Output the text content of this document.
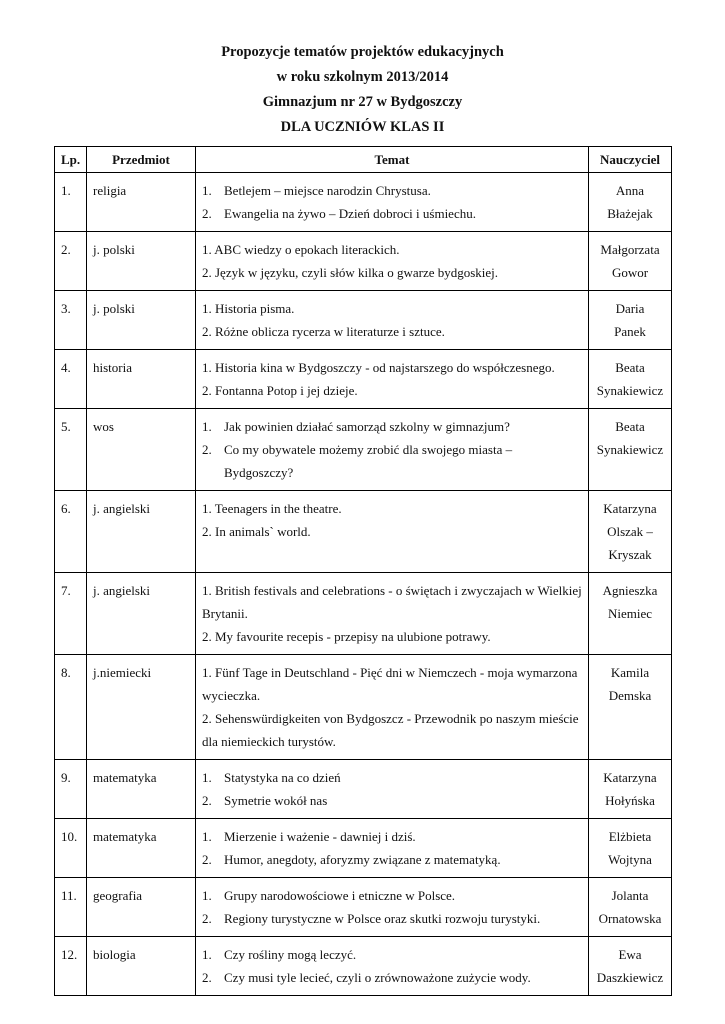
Propozycje tematów projektów edukacyjnych
w roku szkolnym 2013/2014
Gimnazjum nr 27 w Bydgoszczy
DLA UCZNIÓW KLAS II
Lp.	Przedmiot	Temat	Nauczyciel
1.	religia	1. Betlejem – miejsce narodzin Chrystusa.
2. Ewangelia na żywo – Dzień dobroci i uśmiechu.	Anna
Błażejak

2.	j. polski	1. ABC wiedzy o epokach literackich.
2. Język w języku, czyli słów kilka o gwarze bydgoskiej.	Małgorzata
Gowor

3.	j. polski	1. Historia pisma.
2. Różne oblicza rycerza w literaturze i sztuce.	Daria
Panek

4.	historia	1. Historia kina w Bydgoszczy - od najstarszego do współczesnego.
2. Fontanna Potop i jej dzieje.	Beata
Synakiewicz

5.	wos	1. Jak powinien działać samorząd szkolny w gimnazjum?
2. Co my obywatele możemy zrobić dla swojego miasta – Bydgoszczy?	Beata
Synakiewicz

6.	j. angielski	1. Teenagers in the theatre.
2. In animals` world.	Katarzyna
Olszak –
Kryszak

7.	j. angielski	1. British festivals and celebrations - o świętach i zwyczajach w Wielkiej Brytanii.
2. My favourite recepis - przepisy na ulubione potrawy.	Agnieszka
Niemiec

8.	j.niemiecki	1. Fünf Tage in Deutschland - Pięć dni w Niemczech - moja wymarzona wycieczka.
2. Sehenswürdigkeiten von Bydgoszcz - Przewodnik po naszym mieście dla niemieckich turystów.	Kamila
Demska

9.	matematyka	1. Statystyka na co dzień
2. Symetrie wokół nas	Katarzyna
Hołyńska

10.	matematyka	1. Mierzenie i ważenie - dawniej i dziś.
2. Humor, anegdoty, aforyzmy związane z matematyką.	Elżbieta
Wojtyna

11.	geografia	1. Grupy narodowościowe i etniczne w Polsce.
2. Regiony turystyczne w Polsce oraz skutki rozwoju turystyki.	Jolanta
Ornatowska

12.	biologia	1. Czy rośliny mogą leczyć.
2. Czy musi tyle lecieć, czyli o zrównoważone zużycie wody.	Ewa
Daszkiewicz
